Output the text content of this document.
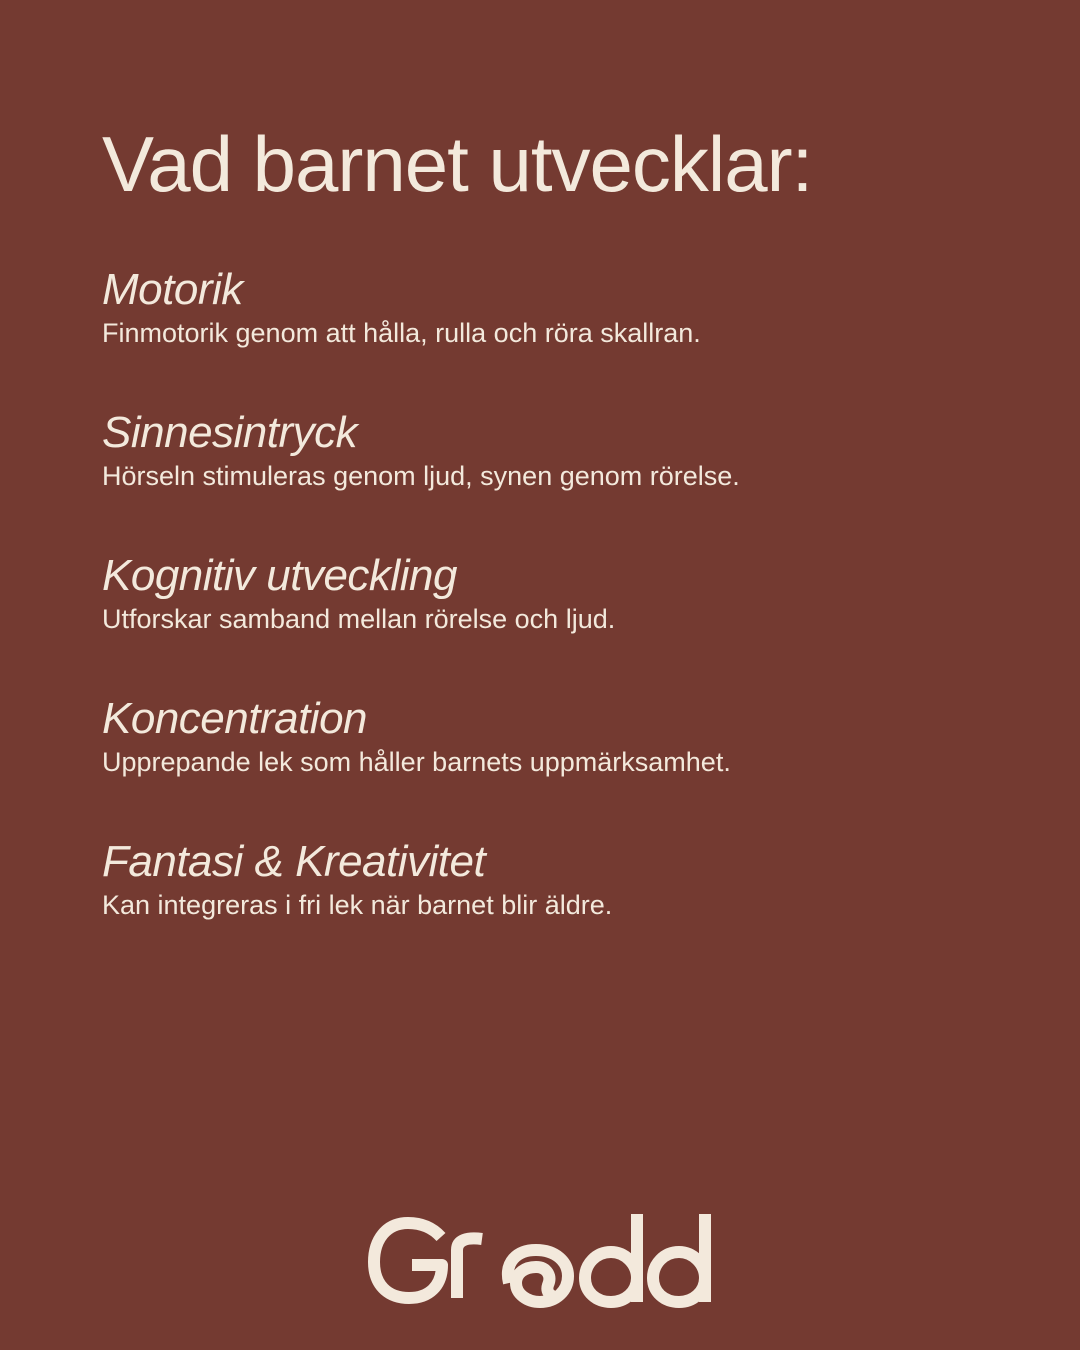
Vad barnet utvecklar:
Motorik
Finmotorik genom att hålla, rulla och röra skallran.
Sinnesintryck
Hörseln stimuleras genom ljud, synen genom rörelse.
Kognitiv utveckling
Utforskar samband mellan rörelse och ljud.
Koncentration
Upprepande lek som håller barnets uppmärksamhet.
Fantasi & Kreativitet
Kan integreras i fri lek när barnet blir äldre.
